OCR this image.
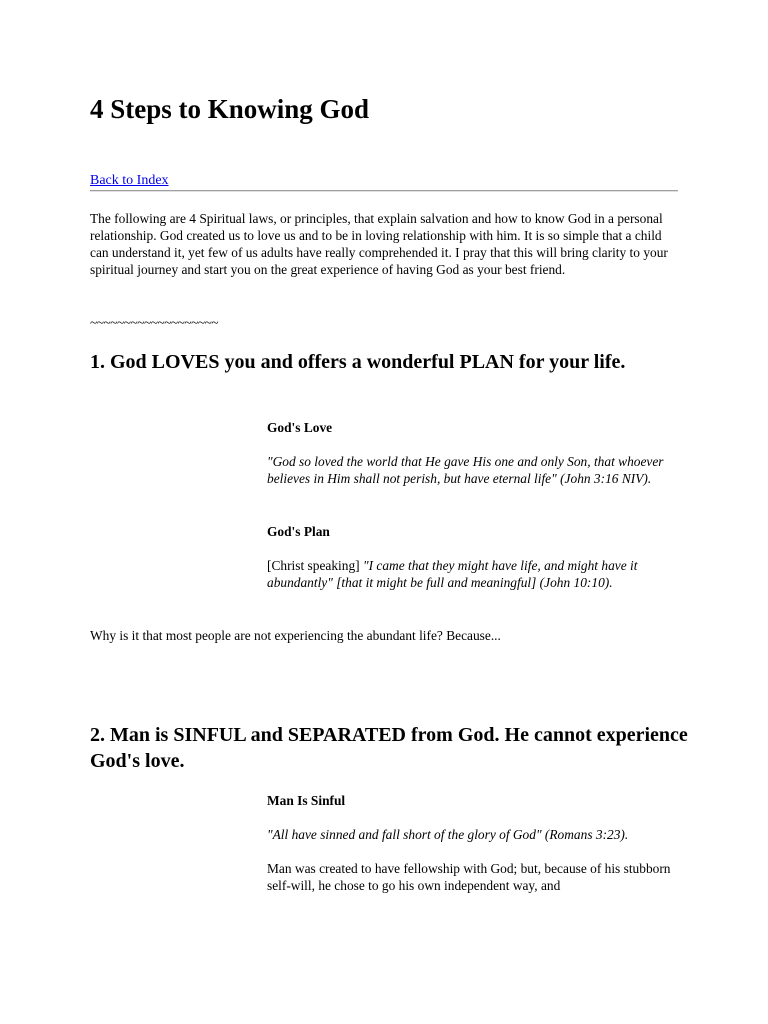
4 Steps to Knowing God
Back to Index

The following are 4 Spiritual laws, or principles, that explain salvation and how to know God in a personal relationship. God created us to love us and to be in loving relationship with him. It is so simple that a child can understand it, yet few of us adults have really comprehended it. I pray that this will bring clarity to your spiritual journey and start you on the great experience of having God as your best friend.

~~~~~~~~~~~~~~~~~~~

1. God LOVES you and offers a wonderful PLAN for your life.

God's Love

"God so loved the world that He gave His one and only Son, that whoever believes in Him shall not perish, but have eternal life" (John 3:16 NIV).

God's Plan

[Christ speaking] "I came that they might have life, and might have it abundantly" [that it might be full and meaningful] (John 10:10).

Why is it that most people are not experiencing the abundant life? Because...

2. Man is SINFUL and SEPARATED from God. He cannot experience God's love.

Man Is Sinful

"All have sinned and fall short of the glory of God" (Romans 3:23).

Man was created to have fellowship with God; but, because of his stubborn self-will, he chose to go his own independent way, and
